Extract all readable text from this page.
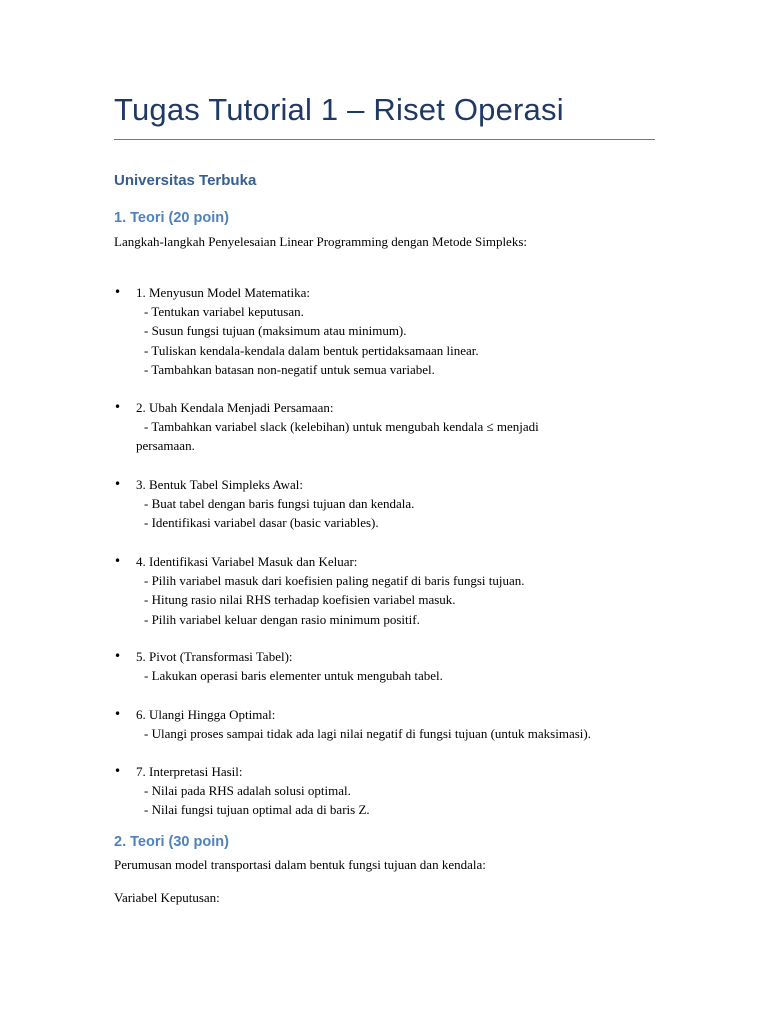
Tugas Tutorial 1 – Riset Operasi
Universitas Terbuka
1. Teori (20 poin)
Langkah-langkah Penyelesaian Linear Programming dengan Metode Simpleks:
• 1. Menyusun Model Matematika:
- Tentukan variabel keputusan.
- Susun fungsi tujuan (maksimum atau minimum).
- Tuliskan kendala-kendala dalam bentuk pertidaksamaan linear.
- Tambahkan batasan non-negatif untuk semua variabel.
• 2. Ubah Kendala Menjadi Persamaan:
- Tambahkan variabel slack (kelebihan) untuk mengubah kendala ≤ menjadi
persamaan.
• 3. Bentuk Tabel Simpleks Awal:
- Buat tabel dengan baris fungsi tujuan dan kendala.
- Identifikasi variabel dasar (basic variables).
• 4. Identifikasi Variabel Masuk dan Keluar:
- Pilih variabel masuk dari koefisien paling negatif di baris fungsi tujuan.
- Hitung rasio nilai RHS terhadap koefisien variabel masuk.
- Pilih variabel keluar dengan rasio minimum positif.
• 5. Pivot (Transformasi Tabel):
- Lakukan operasi baris elementer untuk mengubah tabel.
• 6. Ulangi Hingga Optimal:
- Ulangi proses sampai tidak ada lagi nilai negatif di fungsi tujuan (untuk maksimasi).
• 7. Interpretasi Hasil:
- Nilai pada RHS adalah solusi optimal.
- Nilai fungsi tujuan optimal ada di baris Z.
2. Teori (30 poin)
Perumusan model transportasi dalam bentuk fungsi tujuan dan kendala:
Variabel Keputusan:
